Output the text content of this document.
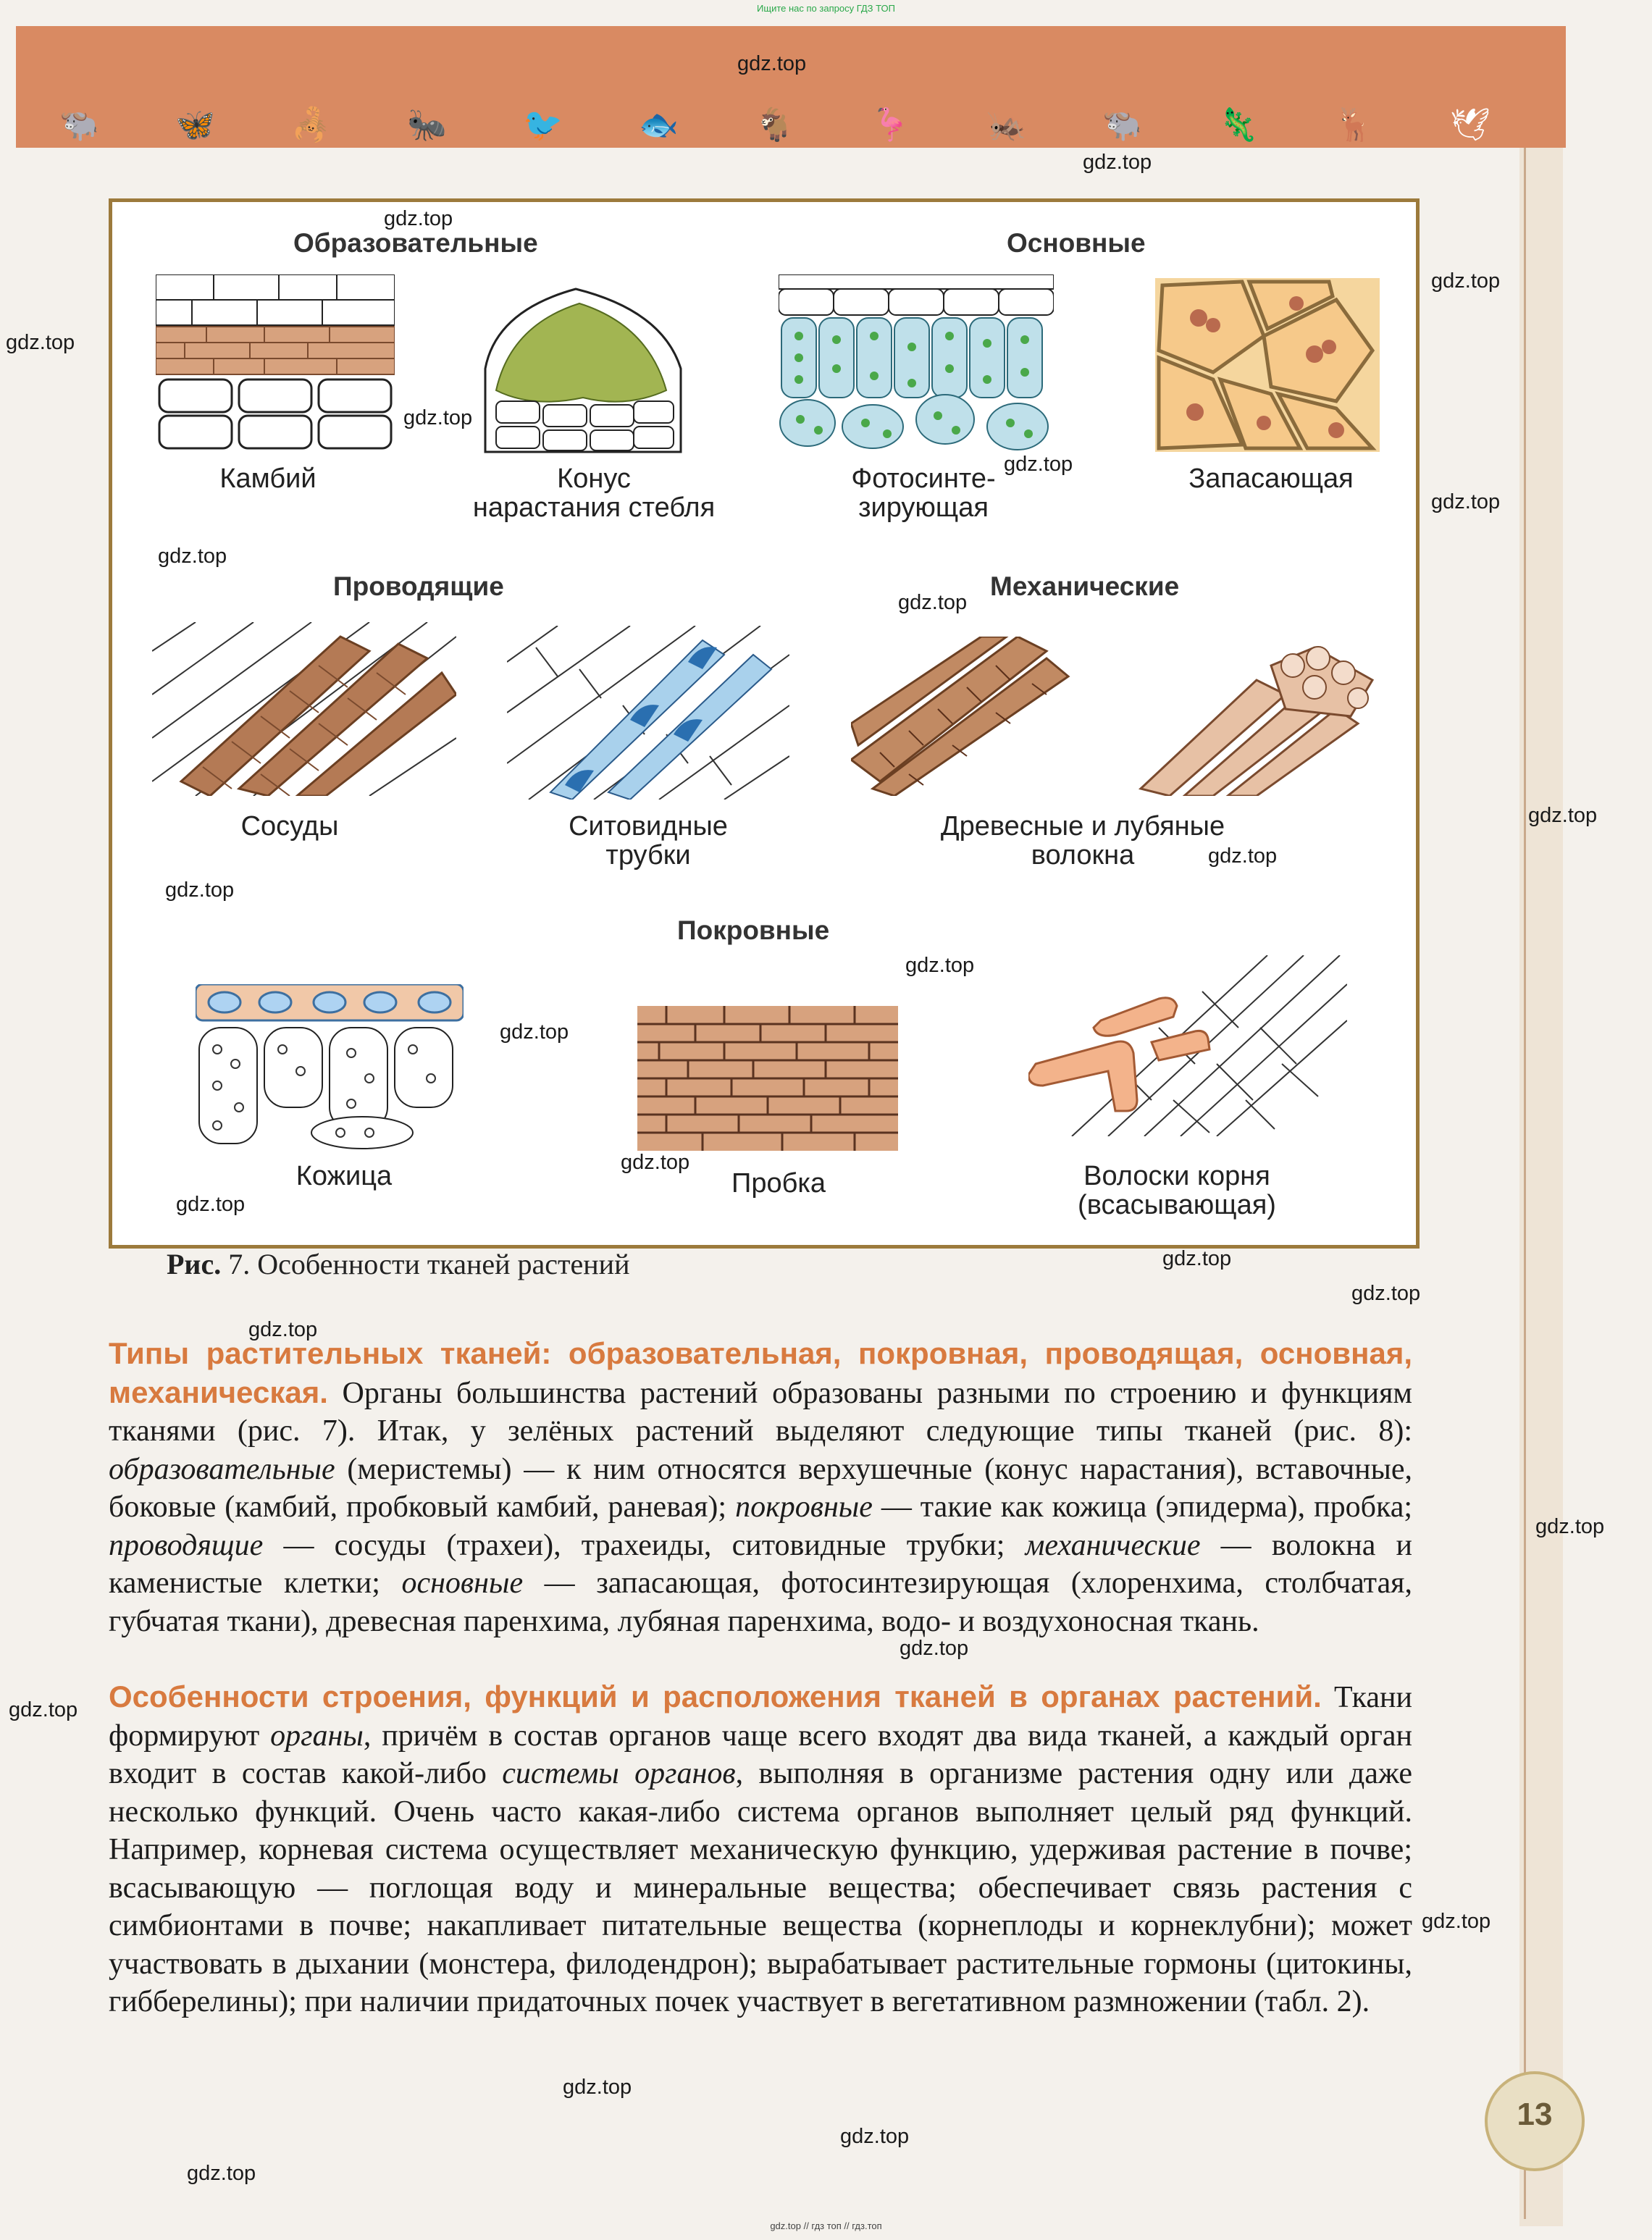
Ищите нас по запросу ГДЗ ТОП
🐃 🦋 🦂 🐜 🐦 🐟 🐐 🦩 🦗 🐃 🦎 🦌 🕊
Образовательные	Основные
Проводящие	Механические
Покровные
Камбий	Конус
нарастания стебля
Фотосинте-
зирующая
Запасающая
Сосуды	Ситовидные
трубки
Древесные и лубяные
волокна
Кожица	Пробка	Волоски корня
(всасывающая)
Рис. 7. Особенности тканей растений
Типы растительных тканей: образовательная, покровная, проводящая, основная, механическая. Органы большинства растений образованы разными по строению и функциям тканями (рис. 7). Итак, у зелёных растений выделяют следующие типы тканей (рис. 8): образовательные (меристемы) — к ним относятся верхушечные (конус нарастания), вставочные, боковые (камбий, пробковый камбий, раневая); покровные — такие как кожица (эпидерма), пробка; проводящие — сосуды (трахеи), трахеиды, ситовидные трубки; механические — волокна и каменистые клетки; основные — запасающая, фотосинтезирующая (хлоренхима, столбчатая, губчатая ткани), древесная паренхима, лубяная паренхима, водо- и воздухоносная ткань.
Особенности строения, функций и расположения тканей в органах растений. Ткани формируют органы, причём в состав органов чаще всего входят два вида тканей, а каждый орган входит в состав какой-либо системы органов, выполняя в организме растения одну или даже несколько функций. Очень часто какая-либо система органов выполняет целый ряд функций. Например, корневая система осуществляет механическую функцию, удерживая растение в почве; всасывающую — поглощая воду и минеральные вещества; обеспечивает связь растения с симбионтами в почве; накапливает питательные вещества (корнеплоды и корнеклубни); может участвовать в дыхании (монстера, филодендрон); вырабатывает растительные гормоны (цитокины, гибберелины); при наличии придаточных почек участвует в вегетативном размножении (табл. 2).
13
gdz.top
gdz.top
gdz.top
gdz.top
gdz.top
gdz.top
gdz.top
gdz.top
gdz.top
gdz.top
gdz.top
gdz.top
gdz.top
gdz.top
gdz.top
gdz.top
gdz.top
gdz.top
gdz.top
gdz.top
gdz.top
gdz.top
gdz.top
gdz.top
gdz.top
gdz.top
gdz.top
gdz.top // гдз топ // гдз.топ
